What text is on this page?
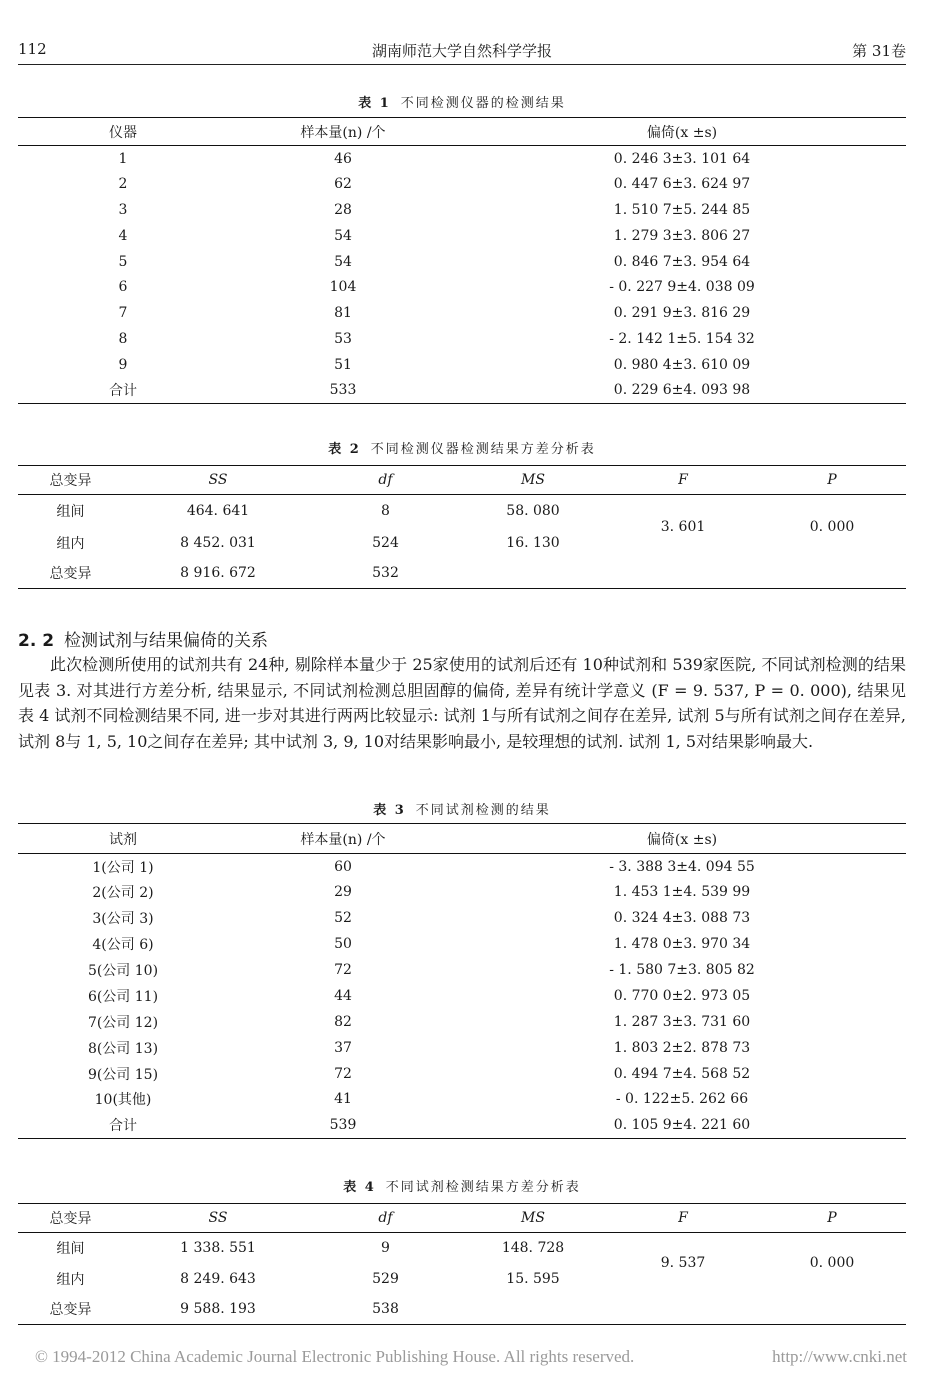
112	湖南师范大学自然科学学报	第 31卷
表 1 不同检测仪器的检测结果
仪器	样本量(n) /个	偏倚(x ±s)
1	46	0. 246 3±3. 101 64
2	62	0. 447 6±3. 624 97
3	28	1. 510 7±5. 244 85
4	54	1. 279 3±3. 806 27
5	54	0. 846 7±3. 954 64
6	104	- 0. 227 9±4. 038 09
7	81	0. 291 9±3. 816 29
8	53	- 2. 142 1±5. 154 32
9	51	0. 980 4±3. 610 09
合计	533	0. 229 6±4. 093 98
表 2 不同检测仪器检测结果方差分析表
总变异	SS	df	MS	F	P
组间	464. 641	8	58. 080	3. 601	0. 000
组内	8 452. 031	524	16. 130		
总变异	8 916. 672	532			
2. 2 检测试剂与结果偏倚的关系
此次检测所使用的试剂共有 24种, 剔除样本量少于 25家使用的试剂后还有 10种试剂和 539家医院, 不同试剂检测的结果见表 3. 对其进行方差分析, 结果显示, 不同试剂检测总胆固醇的偏倚, 差异有统计学意义 (F = 9. 537, P = 0. 000), 结果见表 4 试剂不同检测结果不同, 进一步对其进行两两比较显示: 试剂 1与所有试剂之间存在差异, 试剂 5与所有试剂之间存在差异, 试剂 8与 1, 5, 10之间存在差异; 其中试剂 3, 9, 10对结果影响最小, 是较理想的试剂. 试剂 1, 5对结果影响最大.
表 3 不同试剂检测的结果
试剂	样本量(n) /个	偏倚(x ±s)
1(公司 1)	60	- 3. 388 3±4. 094 55
2(公司 2)	29	1. 453 1±4. 539 99
3(公司 3)	52	0. 324 4±3. 088 73
4(公司 6)	50	1. 478 0±3. 970 34
5(公司 10)	72	- 1. 580 7±3. 805 82
6(公司 11)	44	0. 770 0±2. 973 05
7(公司 12)	82	1. 287 3±3. 731 60
8(公司 13)	37	1. 803 2±2. 878 73
9(公司 15)	72	0. 494 7±4. 568 52
10(其他)	41	- 0. 122±5. 262 66
合计	539	0. 105 9±4. 221 60
表 4 不同试剂检测结果方差分析表
总变异	SS	df	MS	F	P
组间	1 338. 551	9	148. 728	9. 537	0. 000
组内	8 249. 643	529	15. 595		
总变异	9 588. 193	538			
© 1994-2012 China Academic Journal Electronic Publishing House. All rights reserved.	http://www.cnki.net
